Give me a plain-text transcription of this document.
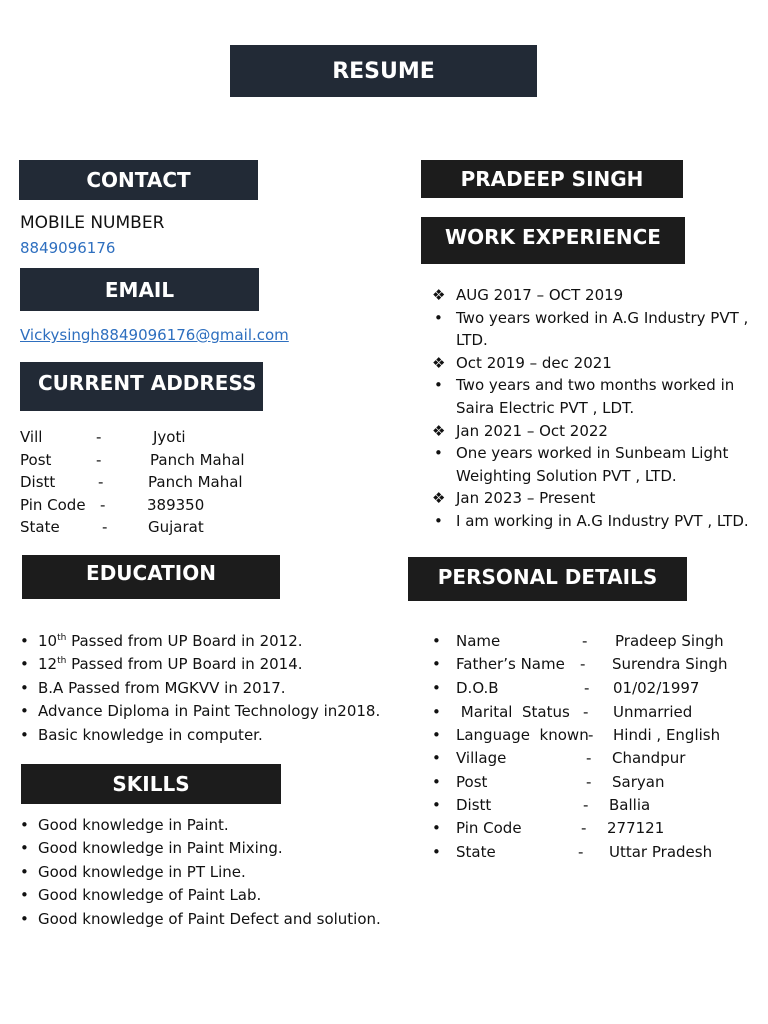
RESUME
CONTACT
MOBILE NUMBER
8849096176
EMAIL
Vickysingh8849096176@gmail.com
CURRENT ADDRESS
Vill	-	Jyoti
Post	-	Panch Mahal
Distt	-	Panch Mahal
Pin Code -	389350
State	-	Gujarat
EDUCATION
• 10th Passed from UP Board in 2012.
• 12th Passed from UP Board in 2014.
• B.A Passed from MGKVV in 2017.
• Advance Diploma in Paint Technology in2018.
• Basic knowledge in computer.
SKILLS
• Good knowledge in Paint.
• Good knowledge in Paint Mixing.
• Good knowledge in PT Line.
• Good knowledge of Paint Lab.
• Good knowledge of Paint Defect and solution.
PRADEEP SINGH
WORK EXPERIENCE
❖ AUG 2017 – OCT 2019
• Two years worked in A.G Industry PVT , LTD.
❖ Oct 2019 – dec 2021
• Two years and two months worked in Saira Electric PVT , LDT.
❖ Jan 2021 – Oct 2022
• One years worked in Sunbeam Light Weighting Solution PVT , LTD.
❖ Jan 2023 – Present
• I am working in A.G Industry PVT , LTD.
PERSONAL DETAILS
• Name	- Pradeep Singh
• Father’s Name - Surendra Singh
• D.O.B	- 01/02/1997
• Marital  Status - Unmarried
• Language  known - Hindi , English
• Village	- Chandpur
• Post	- Saryan
• Distt	- Ballia
• Pin Code	- 277121
• State	- Uttar Pradesh
